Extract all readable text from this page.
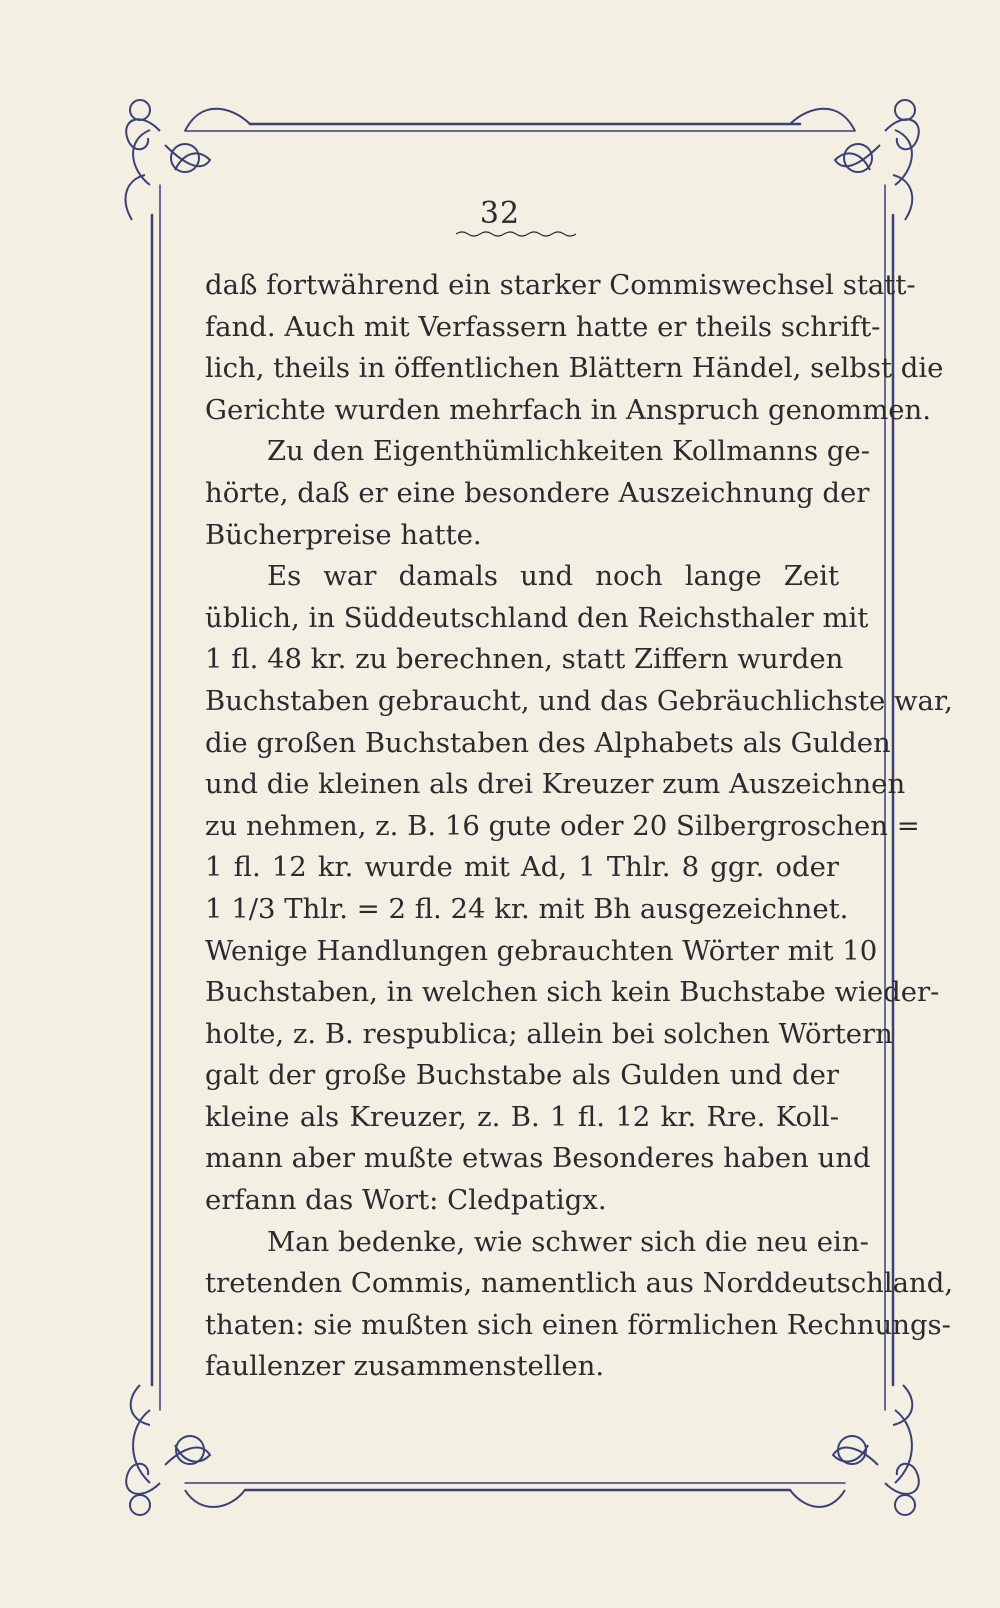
32
daß fortwährend ein starker Commiswechsel statt-
fand. Auch mit Verfassern hatte er theils schrift-
lich, theils in öffentlichen Blättern Händel, selbst die
Gerichte wurden mehrfach in Anspruch genommen.
Zu den Eigenthümlichkeiten Kollmanns ge-
hörte, daß er eine besondere Auszeichnung der
Bücherpreise hatte.
Es war damals und noch lange Zeit
üblich, in Süddeutschland den Reichsthaler mit
1 fl. 48 kr. zu berechnen, statt Ziffern wurden
Buchstaben gebraucht, und das Gebräuchlichste war,
die großen Buchstaben des Alphabets als Gulden
und die kleinen als drei Kreuzer zum Auszeichnen
zu nehmen, z. B. 16 gute oder 20 Silbergroschen =
1 fl. 12 kr. wurde mit Ad, 1 Thlr. 8 ggr. oder
1 1/3 Thlr. = 2 fl. 24 kr. mit Bh ausgezeichnet.
Wenige Handlungen gebrauchten Wörter mit 10
Buchstaben, in welchen sich kein Buchstabe wieder-
holte, z. B. respublica; allein bei solchen Wörtern
galt der große Buchstabe als Gulden und der
kleine als Kreuzer, z. B. 1 fl. 12 kr. Rre. Koll-
mann aber mußte etwas Besonderes haben und
erfann das Wort: Cledpatigx.
Man bedenke, wie schwer sich die neu ein-
tretenden Commis, namentlich aus Norddeutschland,
thaten: sie mußten sich einen förmlichen Rechnungs-
faullenzer zusammenstellen.
